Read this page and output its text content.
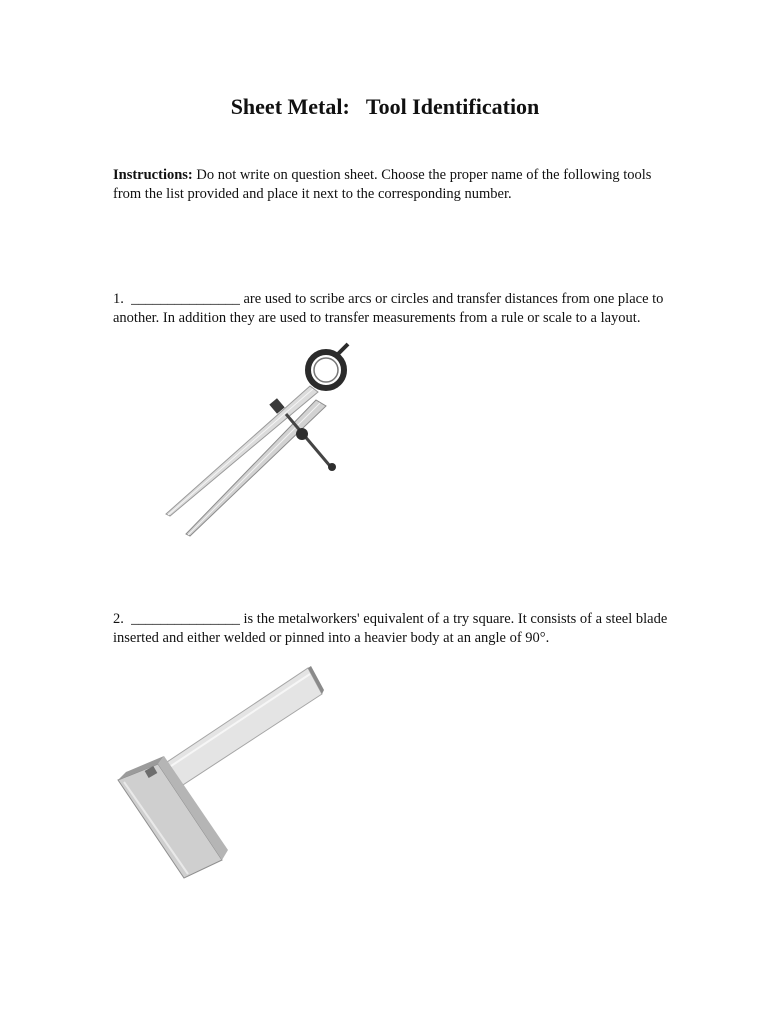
Sheet Metal:   Tool Identification
Instructions: Do not write on question sheet. Choose the proper name of the following tools from the list provided and place it next to the corresponding number.
1. _______________ are used to scribe arcs or circles and transfer distances from one place to another. In addition they are used to transfer measurements from a rule or scale to a layout.
2. _______________ is the metalworkers' equivalent of a try square. It consists of a steel blade inserted and either welded or pinned into a heavier body at an angle of 90°.
